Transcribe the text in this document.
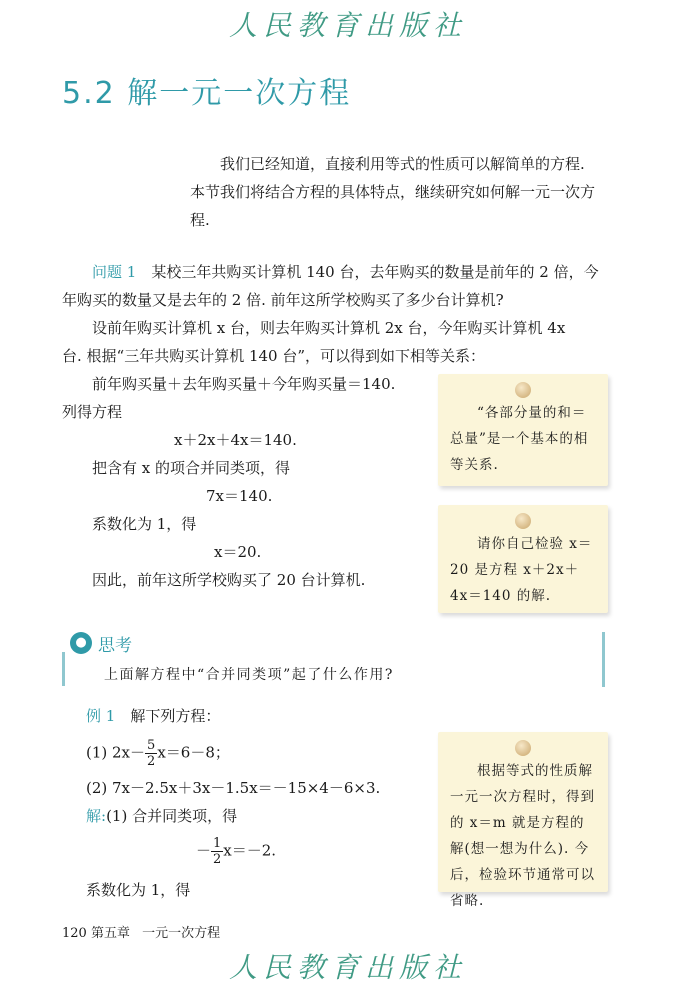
人民教育出版社
5.2 解一元一次方程

我们已经知道，直接利用等式的性质可以解简单的方程.

本节我们将结合方程的具体特点，继续研究如何解一元一次方程.

问题 1　 某校三年共购买计算机 140 台，去年购买的数量是前年的 2 倍，今年购买的数量又是去年的 2 倍. 前年这所学校购买了多少台计算机?

设前年购买计算机 x 台，则去年购买计算机 2x 台，今年购买计算机 4x

台. 根据“三年共购买计算机 140 台”，可以得到如下相等关系：

前年购买量＋去年购买量＋今年购买量＝140.

列得方程

x＋2x＋4x＝140.

把含有 x 的项合并同类项，得

7x＝140.

系数化为 1，得

x＝20.

因此，前年这所学校购买了 20 台计算机.

“各部分量的和＝总量”是一个基本的相等关系.
请你自己检验 x＝20 是方程 x＋2x＋4x＝140 的解.
根据等式的性质解一元一次方程时，得到的 x＝m 就是方程的解(想一想为什么). 今后，检验环节通常可以省略.
● 思考
上面解方程中“合并同类项”起了什么作用?

例 1　 解下列方程：

(1) $2x- \frac{5}{2} x=6-8$；
(2) 7x－2.5x＋3x－1.5x＝－15×4－6×3.
解:(1) 合并同类项，得
－ $\frac{1}{2} x=-2$.
系数化为 1，得
120 第五章 一元一次方程
人民教育出版社
